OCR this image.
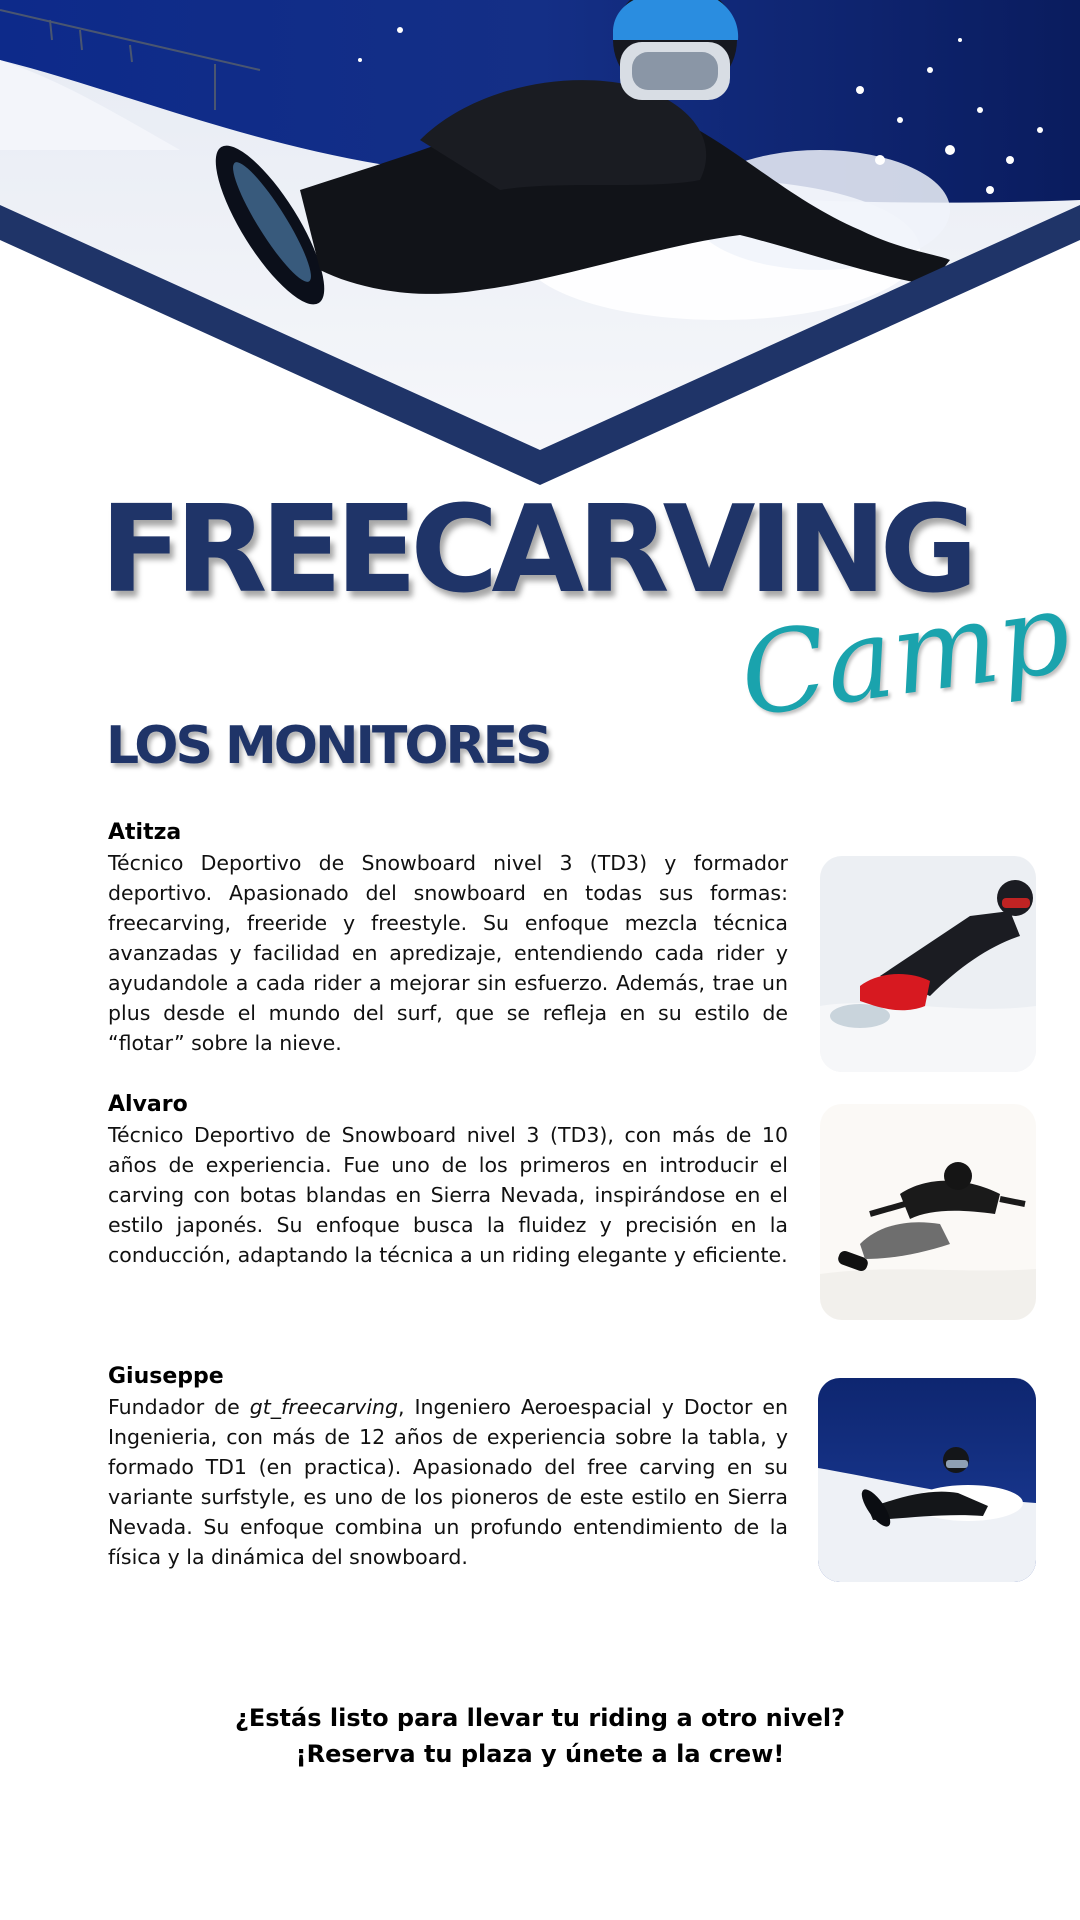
FREECARVING
Camp
LOS MONITORES
Atitza

Técnico Deportivo de Snowboard nivel 3 (TD3) y formador deportivo. Apasionado del snowboard en todas sus formas: freecarving, freeride y freestyle. Su enfoque mezcla técnica avanzadas y facilidad en apredizaje, entendiendo cada rider y ayudandole a cada rider a mejorar sin esfuerzo. Además, trae un plus desde el mundo del surf, que se refleja en su estilo de “flotar” sobre la nieve.

Alvaro

Técnico Deportivo de Snowboard nivel 3 (TD3), con más de 10 años de experiencia. Fue uno de los primeros en introducir el carving con botas blandas en Sierra Nevada, inspirándose en el estilo japonés. Su enfoque busca la fluidez y precisión en la conducción, adaptando la técnica a un riding elegante y eficiente.

Giuseppe

Fundador de gt_freecarving, Ingeniero Aeroespacial y Doctor en Ingenieria, con más de 12 años de experiencia sobre la tabla, y formado TD1 (en practica). Apasionado del free carving en su variante surfstyle, es uno de los pioneros de este estilo en Sierra Nevada. Su enfoque combina un profundo entendimiento de la física y la dinámica del snowboard.

¿Estás listo para llevar tu riding a otro nivel?
¡Reserva tu plaza y únete a la crew!
